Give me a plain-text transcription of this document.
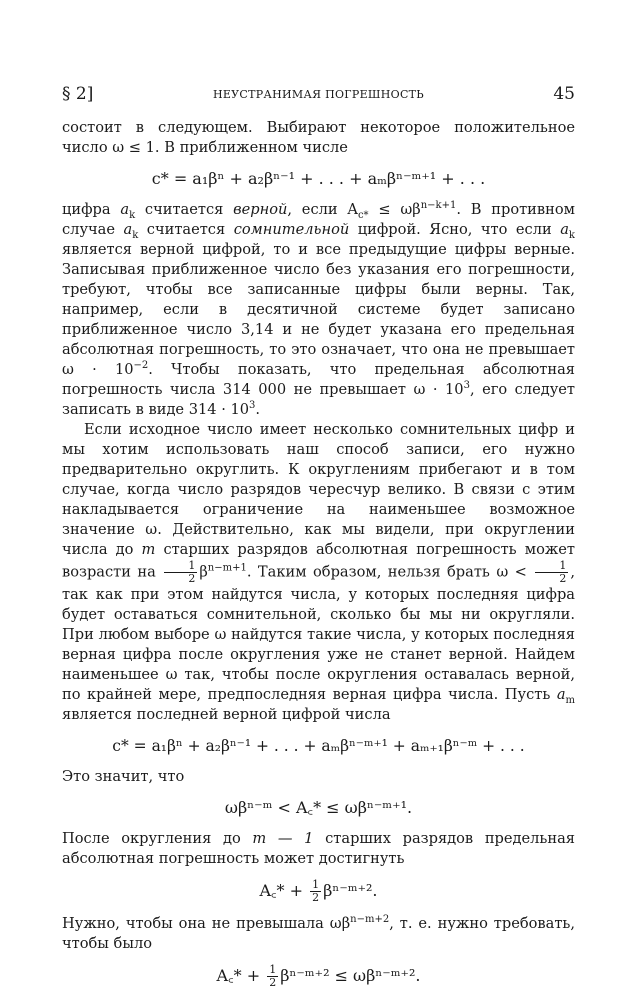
§ 2]	НЕУСТРАНИМАЯ ПОГРЕШНОСТЬ	45

состоит в следующем. Выбирают некоторое положительное число ω ≤ 1. В приближенном числе

c* = a₁βⁿ + a₂βⁿ⁻¹ + . . . + aₘβⁿ⁻ᵐ⁺¹ + . . .

цифра $a_k$ считается верной, если $A_{c*} \le \omega\beta^{n-k+1}$. В противном случае $a_k$ считается сомнительной цифрой. Ясно, что если $a_k$ является верной цифрой, то и все предыдущие цифры верные. Записывая приближенное число без указания его погрешности, требуют, чтобы все записанные цифры были верны. Так, например, если в десятичной системе будет записано приближенное число 3,14 и не будет указана его предельная абсолютная погрешность, то это означает, что она не превышает $\omega \cdot 10^{-2}$. Чтобы показать, что предельная абсолютная погрешность числа 314 000 не превышает $\omega \cdot 10^3$, его следует записать в виде $314 \cdot 10^3$.

Если исходное число имеет несколько сомнительных цифр и мы хотим использовать наш способ записи, его нужно предварительно округлить. К округлениям прибегают и в том случае, когда число разрядов чересчур велико. В связи с этим накладывается ограничение на наименьшее возможное значение ω. Действительно, как мы видели, при округлении числа до m старших разрядов абсолютная погрешность может возрасти на $\frac{1}{2} \beta^{n-m+1}$. Таким образом, нельзя брать $\omega < \frac{1}{2}$ , так как при этом найдутся числа, у которых последняя цифра будет оставаться сомнительной, сколько бы мы ни округляли. При любом выборе ω найдутся такие числа, у которых последняя верная цифра после округления уже не станет верной. Найдем наименьшее ω так, чтобы после округления оставалась верной, по крайней мере, предпоследняя верная цифра числа. Пусть $a_m$ является последней верной цифрой числа

c* = a₁βⁿ + a₂βⁿ⁻¹ + . . . + aₘβⁿ⁻ᵐ⁺¹ + aₘ₊₁βⁿ⁻ᵐ + . . .

Это значит, что

ωβⁿ⁻ᵐ < A꜀* ≤ ωβⁿ⁻ᵐ⁺¹.

После округления до m — 1 старших разрядов предельная абсолютная погрешность может достигнуть

A꜀* + $\frac{1}{2}$ βⁿ⁻ᵐ⁺².

Нужно, чтобы она не превышала $\omega\beta^{n-m+2}$, т. е. нужно требовать, чтобы было

A꜀* + $\frac{1}{2}$ βⁿ⁻ᵐ⁺² ≤ ωβⁿ⁻ᵐ⁺².
